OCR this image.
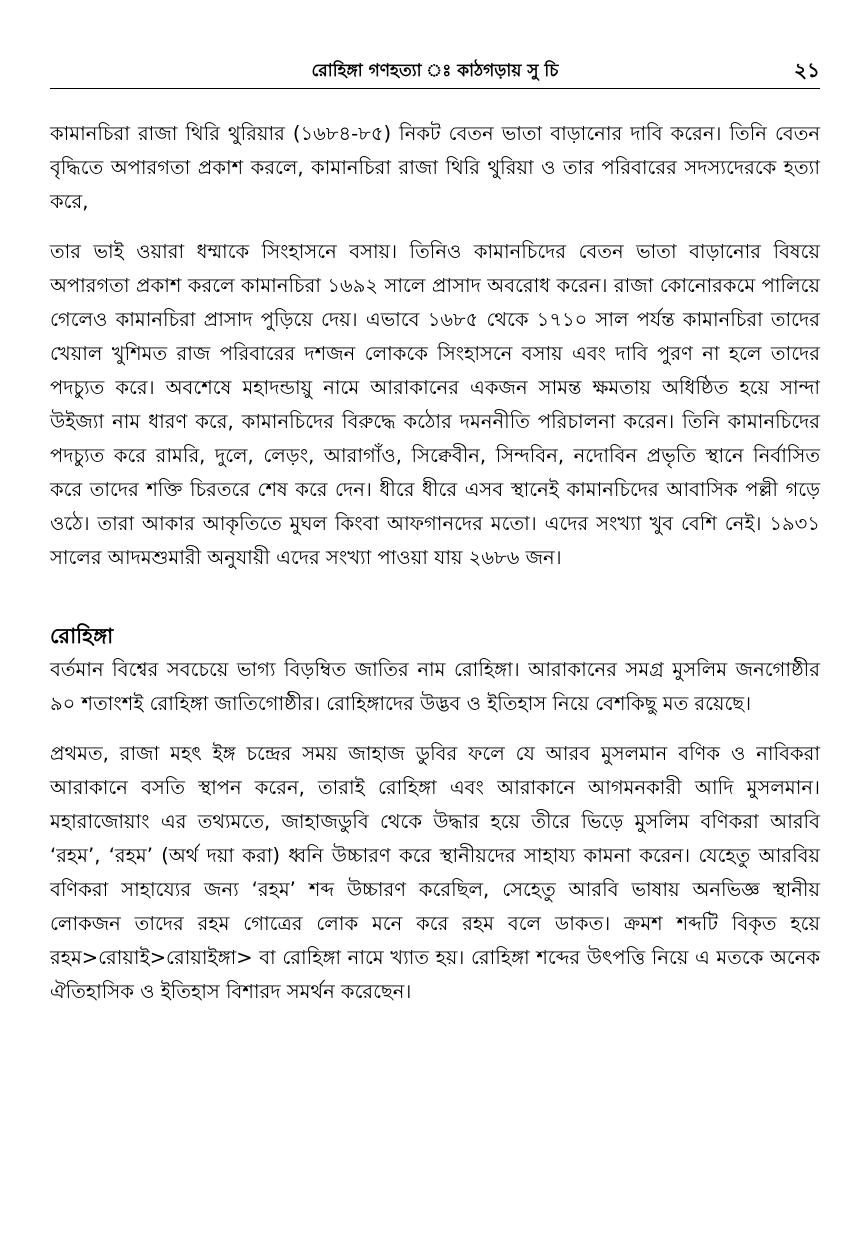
রোহিঙ্গা গণহত্যা ঃ কাঠগড়ায় সু চি	২১

কামানচিরা রাজা থিরি থুরিয়ার (১৬৮৪-৮৫) নিকট বেতন ভাতা বাড়ানোর দাবি করেন। তিনি বেতন বৃদ্ধিতে অপারগতা প্রকাশ করলে, কামানচিরা রাজা থিরি থুরিয়া ও তার পরিবারের সদস্যদেরকে হত্যা করে,

তার ভাই ওয়ারা ধম্মাকে সিংহাসনে বসায়। তিনিও কামানচিদের বেতন ভাতা বাড়ানোর বিষয়ে অপারগতা প্রকাশ করলে কামানচিরা ১৬৯২ সালে প্রাসাদ অবরোধ করেন। রাজা কোনোরকমে পালিয়ে গেলেও কামানচিরা প্রাসাদ পুড়িয়ে দেয়। এভাবে ১৬৮৫ থেকে ১৭১০ সাল পর্যন্ত কামানচিরা তাদের খেয়াল খুশিমত রাজ পরিবারের দশজন লোককে সিংহাসনে বসায় এবং দাবি পুরণ না হলে তাদের পদচ্যুত করে। অবশেষে মহাদন্ডায়ু নামে আরাকানের একজন সামন্ত ক্ষমতায় অধিষ্ঠিত হয়ে সান্দা উইজ্যা নাম ধারণ করে, কামানচিদের বিরুদ্ধে কঠোর দমননীতি পরিচালনা করেন। তিনি কামানচিদের পদচ্যুত করে রামরি, দুলে, লেড়ং, আরাগাঁও, সিক্বেবীন, সিন্দবিন, নদোবিন প্রভৃতি স্থানে নির্বাসিত করে তাদের শক্তি চিরতরে শেষ করে দেন। ধীরে ধীরে এসব স্থানেই কামানচিদের আবাসিক পল্লী গড়ে ওঠে। তারা আকার আকৃতিতে মুঘল কিংবা আফগানদের মতো। এদের সংখ্যা খুব বেশি নেই। ১৯৩১ সালের আদমশুমারী অনুযায়ী এদের সংখ্যা পাওয়া যায় ২৬৮৬ জন।

রোহিঙ্গা

বর্তমান বিশ্বের সবচেয়ে ভাগ্য বিড়ম্বিত জাতির নাম রোহিঙ্গা। আরাকানের সমগ্র মুসলিম জনগোষ্ঠীর ৯০ শতাংশই রোহিঙ্গা জাতিগোষ্ঠীর। রোহিঙ্গাদের উদ্ভব ও ইতিহাস নিয়ে বেশকিছু মত রয়েছে।

প্রথমত, রাজা মহৎ ইঙ্গ চন্দ্রের সময় জাহাজ ডুবির ফলে যে আরব মুসলমান বণিক ও নাবিকরা আরাকানে বসতি স্থাপন করেন, তারাই রোহিঙ্গা এবং আরাকানে আগমনকারী আদি মুসলমান। মহারাজোয়াং এর তথ্যমতে, জাহাজডুবি থেকে উদ্ধার হয়ে তীরে ভিড়ে মুসলিম বণিকরা আরবি ‘রহম’, ‘রহম’ (অর্থ দয়া করা) ধ্বনি উচ্চারণ করে স্থানীয়দের সাহায্য কামনা করেন। যেহেতু আরবিয় বণিকরা সাহায্যের জন্য ‘রহম’ শব্দ উচ্চারণ করেছিল, সেহেতু আরবি ভাষায় অনভিজ্ঞ স্থানীয় লোকজন তাদের রহম গোত্রের লোক মনে করে রহম বলে ডাকত। ক্রমশ শব্দটি বিকৃত হয়ে রহম>রোয়াই>রোয়াইঙ্গা> বা রোহিঙ্গা নামে খ্যাত হয়। রোহিঙ্গা শব্দের উৎপত্তি নিয়ে এ মতকে অনেক ঐতিহাসিক ও ইতিহাস বিশারদ সমর্থন করেছেন।
